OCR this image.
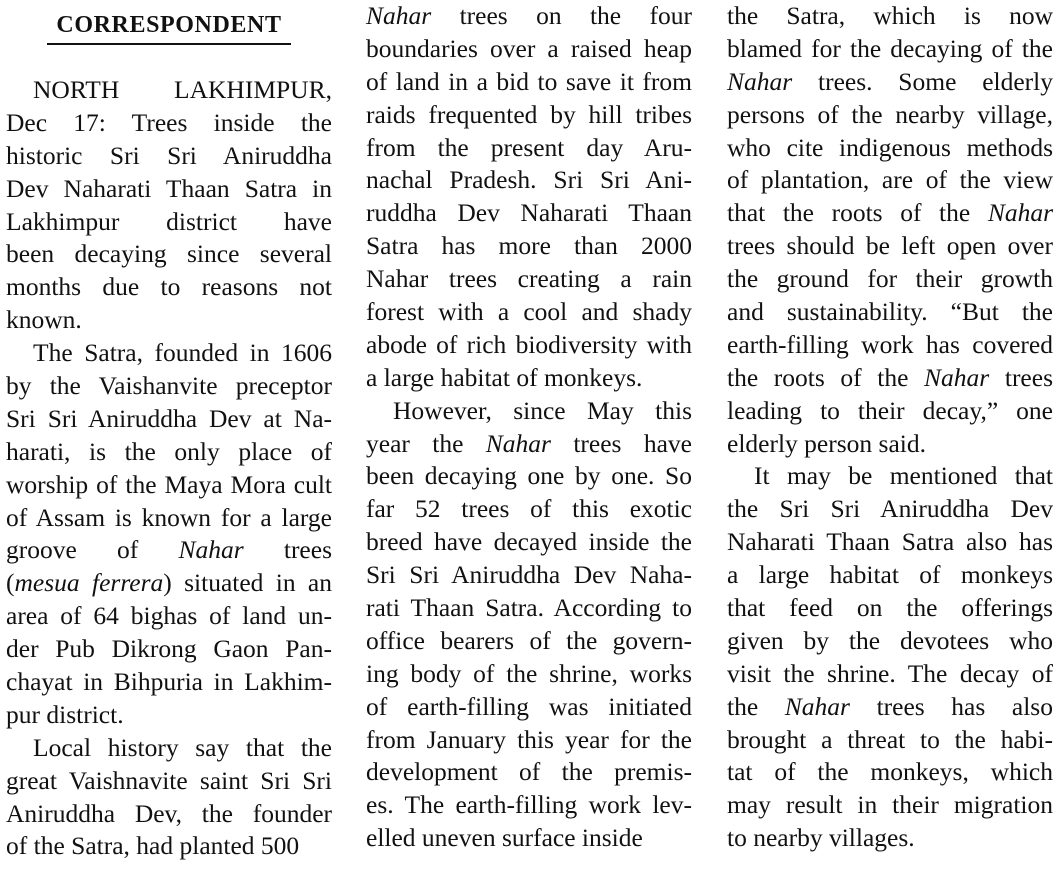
CORRESPONDENT
NORTH LAKHIMPUR,
Dec 17: Trees inside the
historic Sri Sri Aniruddha
Dev Naharati Thaan Satra in
Lakhimpur district have
been decaying since several
months due to reasons not
known.
The Satra, founded in 1606
by the Vaishanvite preceptor
Sri Sri Aniruddha Dev at Na-
harati, is the only place of
worship of the Maya Mora cult
of Assam is known for a large
groove of Nahar trees
(mesua ferrera) situated in an
area of 64 bighas of land un-
der Pub Dikrong Gaon Pan-
chayat in Bihpuria in Lakhim-
pur district.
Local history say that the
great Vaishnavite saint Sri Sri
Aniruddha Dev, the founder
of the Satra, had planted 500
Nahar trees on the four
boundaries over a raised heap
of land in a bid to save it from
raids frequented by hill tribes
from the present day Aru-
nachal Pradesh. Sri Sri Ani-
ruddha Dev Naharati Thaan
Satra has more than 2000
Nahar trees creating a rain
forest with a cool and shady
abode of rich biodiversity with
a large habitat of monkeys.
However, since May this
year the Nahar trees have
been decaying one by one. So
far 52 trees of this exotic
breed have decayed inside the
Sri Sri Aniruddha Dev Naha-
rati Thaan Satra. According to
office bearers of the govern-
ing body of the shrine, works
of earth-filling was initiated
from January this year for the
development of the premis-
es. The earth-filling work lev-
elled uneven surface inside
the Satra, which is now
blamed for the decaying of the
Nahar trees. Some elderly
persons of the nearby village,
who cite indigenous methods
of plantation, are of the view
that the roots of the Nahar
trees should be left open over
the ground for their growth
and sustainability. “But the
earth-filling work has covered
the roots of the Nahar trees
leading to their decay,” one
elderly person said.
It may be mentioned that
the Sri Sri Aniruddha Dev
Naharati Thaan Satra also has
a large habitat of monkeys
that feed on the offerings
given by the devotees who
visit the shrine. The decay of
the Nahar trees has also
brought a threat to the habi-
tat of the monkeys, which
may result in their migration
to nearby villages.
